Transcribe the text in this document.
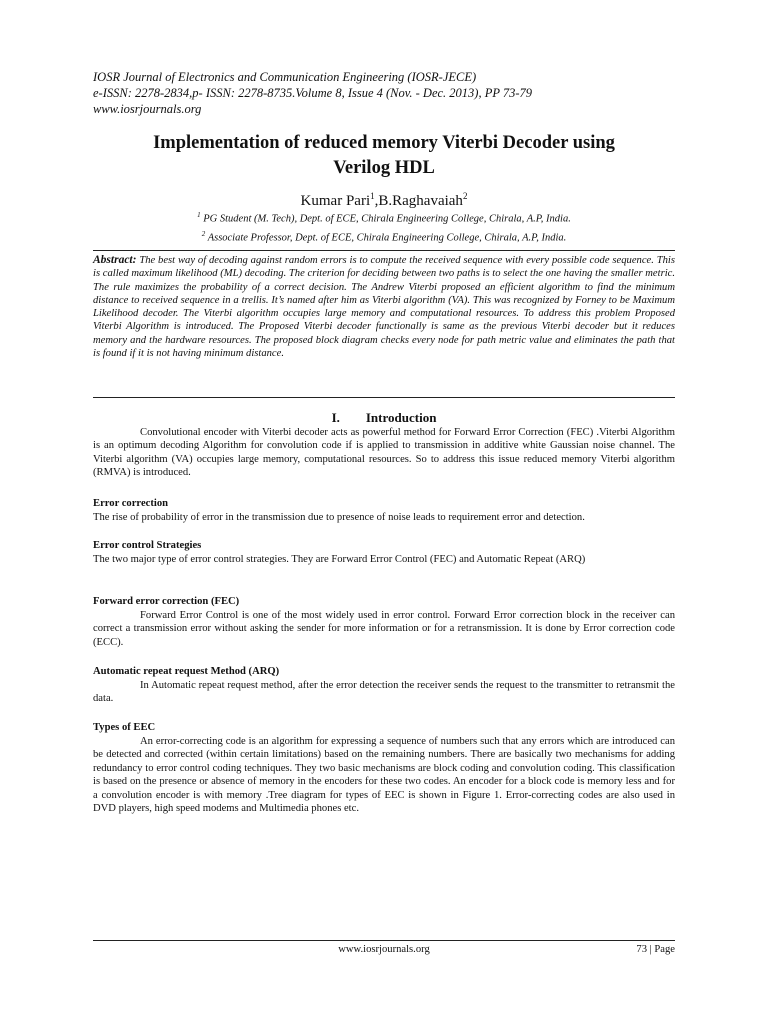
IOSR Journal of Electronics and Communication Engineering (IOSR-JECE)
e-ISSN: 2278-2834,p- ISSN: 2278-8735.Volume 8, Issue 4 (Nov. - Dec. 2013), PP 73-79
www.iosrjournals.org
Implementation of reduced memory Viterbi Decoder using
Verilog HDL
Kumar Pari$^1$,B.Raghavaiah$^2$
$^1$ PG Student (M. Tech), Dept. of ECE, Chirala Engineering College, Chirala, A.P, India.
$^2$ Associate Professor, Dept. of ECE, Chirala Engineering College, Chirala, A.P, India.
Abstract: The best way of decoding against random errors is to compute the received sequence with every possible code sequence. This is called maximum likelihood (ML) decoding. The criterion for deciding between two paths is to select the one having the smaller metric. The rule maximizes the probability of a correct decision. The Andrew Viterbi proposed an efficient algorithm to find the minimum distance to received sequence in a trellis. It’s named after him as Viterbi algorithm (VA). This was recognized by Forney to be Maximum Likelihood decoder. The Viterbi algorithm occupies large memory and computational resources. To address this problem Proposed Viterbi Algorithm is introduced. The Proposed Viterbi decoder functionally is same as the previous Viterbi decoder but it reduces memory and the hardware resources. The proposed block diagram checks every node for path metric value and eliminates the path that is found if it is not having minimum distance.
I. Introduction
Convolutional encoder with Viterbi decoder acts as powerful method for Forward Error Correction (FEC) .Viterbi Algorithm is an optimum decoding Algorithm for convolution code if is applied to transmission in additive white Gaussian noise channel. The Viterbi algorithm (VA) occupies large memory, computational resources. So to address this issue reduced memory Viterbi algorithm (RMVA) is introduced.
Error correction
The rise of probability of error in the transmission due to presence of noise leads to requirement error and detection.
Error control Strategies
The two major type of error control strategies. They are Forward Error Control (FEC) and Automatic Repeat (ARQ)
Forward error correction (FEC)
Forward Error Control is one of the most widely used in error control. Forward Error correction block in the receiver can correct a transmission error without asking the sender for more information or for a retransmission. It is done by Error correction code (ECC).
Automatic repeat request Method (ARQ)
In Automatic repeat request method, after the error detection the receiver sends the request to the transmitter to retransmit the data.
Types of EEC
An error-correcting code is an algorithm for expressing a sequence of numbers such that any errors which are introduced can be detected and corrected (within certain limitations) based on the remaining numbers. There are basically two mechanisms for adding redundancy to error control coding techniques. They two basic mechanisms are block coding and convolution coding. This classification is based on the presence or absence of memory in the encoders for these two codes. An encoder for a block code is memory less and for a convolution encoder is with memory .Tree diagram for types of EEC is shown in Figure 1. Error-correcting codes are also used in DVD players, high speed modems and Multimedia phones etc.
www.iosrjournals.org	73 | Page
